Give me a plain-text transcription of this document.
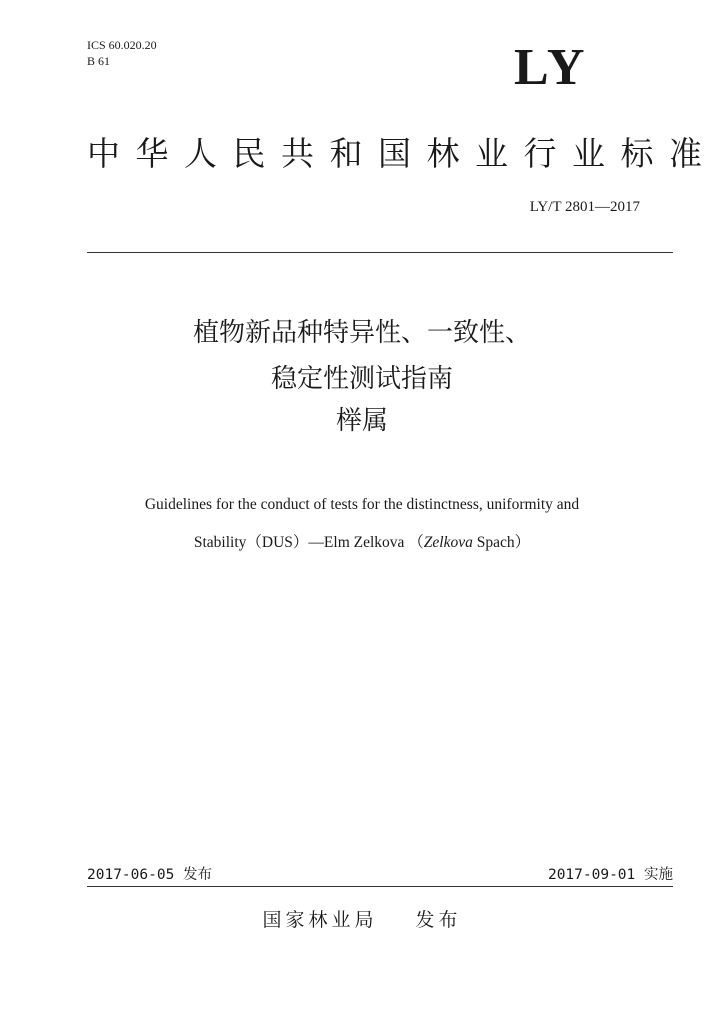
ICS 60.020.20
B 61	LY
中华人民共和国林业行业标准
LY/T 2801—2017
植物新品种特异性、一致性、
稳定性测试指南
榉属
Guidelines for the conduct of tests for the distinctness, uniformity and
Stability（DUS）—Elm Zelkova （Zelkova Spach）
2017-06-05 发布	2017-09-01 实施
国家林业局 发布
